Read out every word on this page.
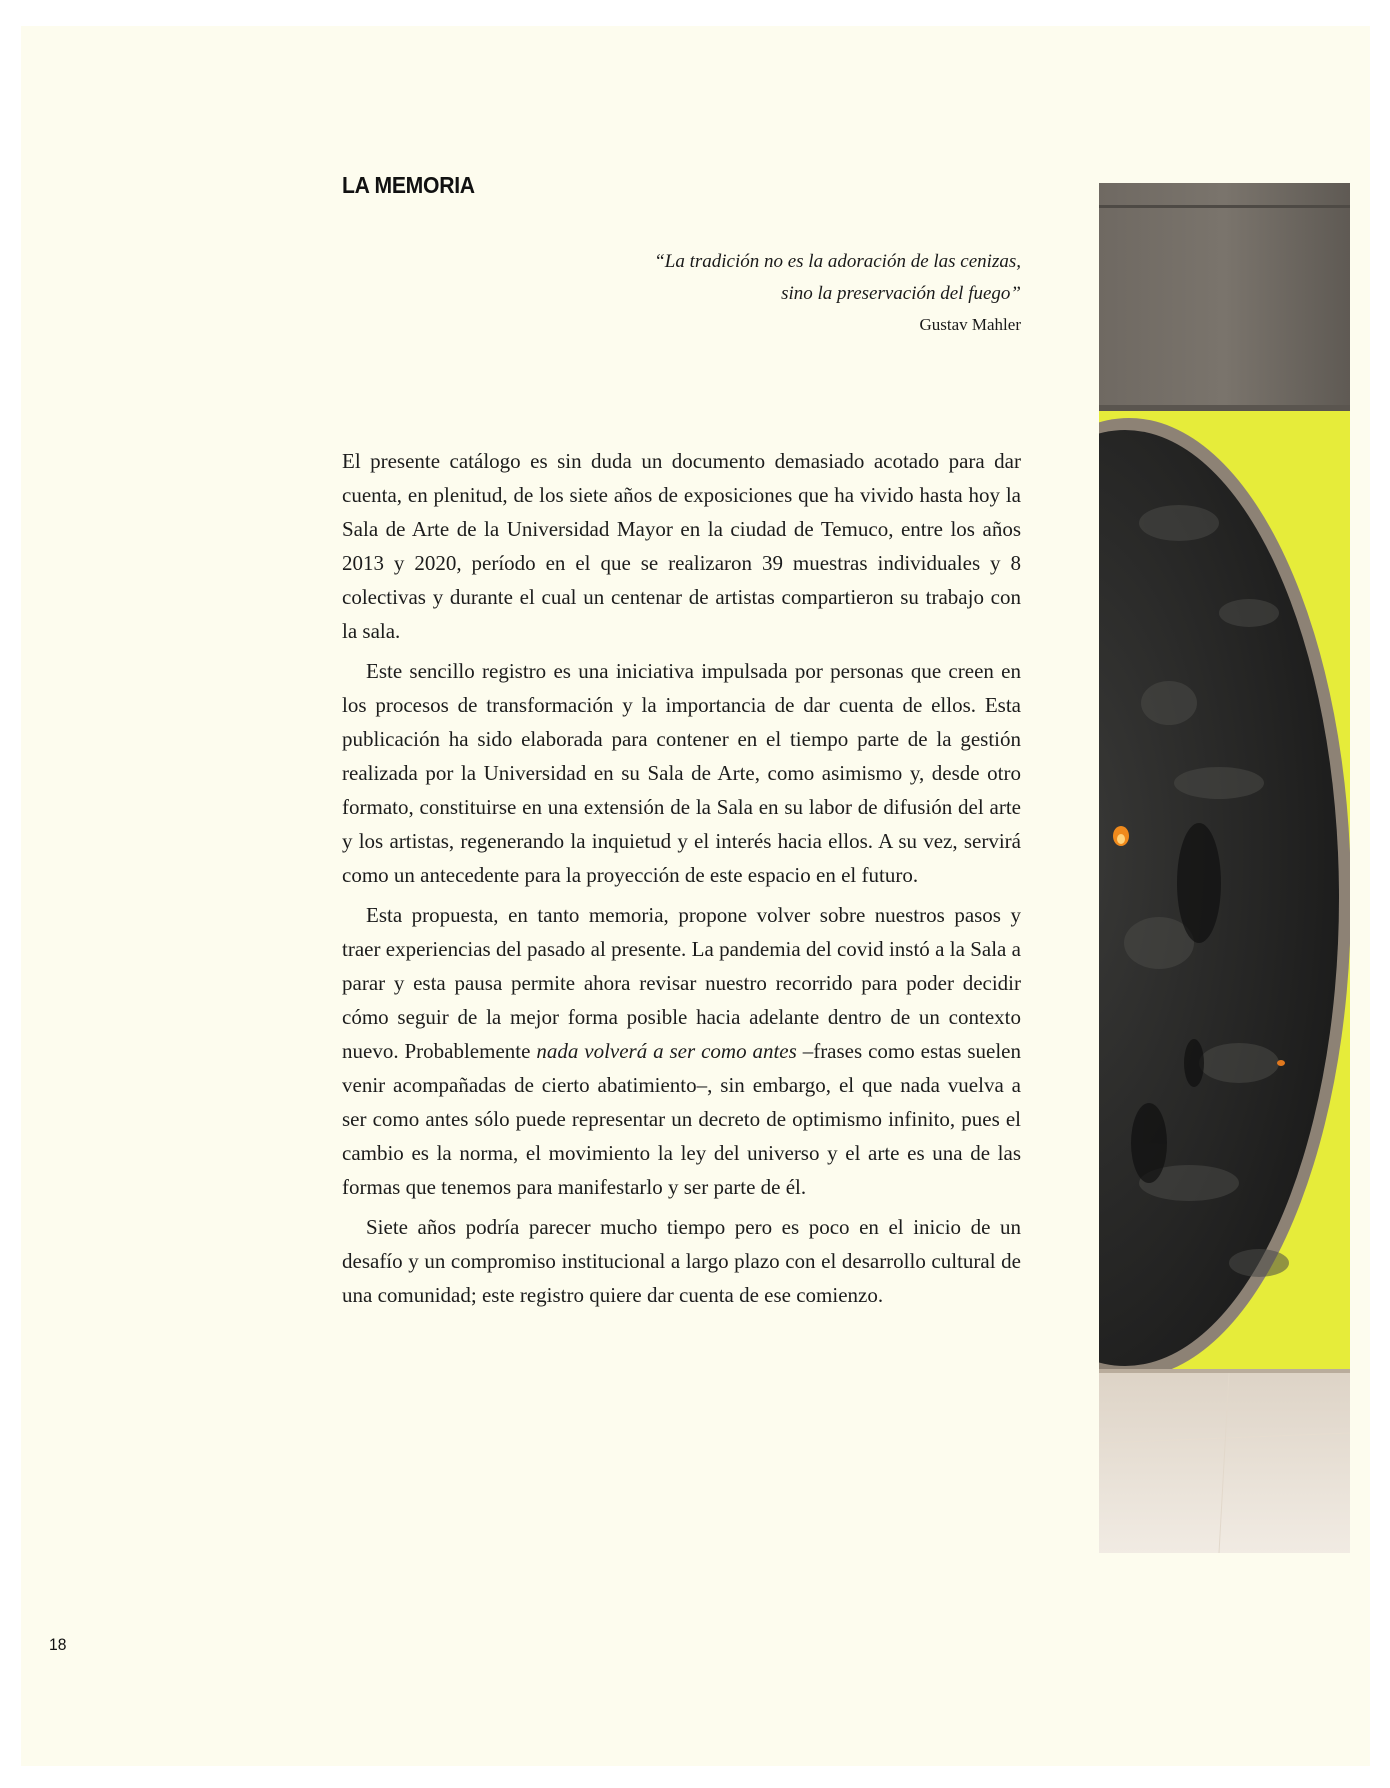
LA MEMORIA
“La tradición no es la adoración de las cenizas,
sino la preservación del fuego”
Gustav Mahler

El presente catálogo es sin duda un documento demasiado acotado para dar cuenta, en plenitud, de los siete años de exposiciones que ha vivido hasta hoy la Sala de Arte de la Universidad Mayor en la ciudad de Temuco, entre los años 2013 y 2020, período en el que se realizaron 39 muestras individuales y 8 colectivas y durante el cual un centenar de artistas compartieron su trabajo con la sala.

Este sencillo registro es una iniciativa impulsada por personas que creen en los procesos de transformación y la importancia de dar cuenta de ellos. Esta publicación ha sido elaborada para contener en el tiempo parte de la gestión realizada por la Universidad en su Sala de Arte, como asimismo y, desde otro formato, constituirse en una extensión de la Sala en su labor de difusión del arte y los artistas, regenerando la inquietud y el interés hacia ellos. A su vez, servirá como un antecedente para la proyección de este espacio en el futuro.

Esta propuesta, en tanto memoria, propone volver sobre nuestros pasos y traer experiencias del pasado al presente. La pandemia del covid instó a la Sala a parar y esta pausa permite ahora revisar nuestro recorrido para poder decidir cómo seguir de la mejor forma posible hacia adelante dentro de un contexto nuevo. Probablemente nada volverá a ser como antes –frases como estas suelen venir acompañadas de cierto abatimiento–, sin embargo, el que nada vuelva a ser como antes sólo puede representar un decreto de optimismo infinito, pues el cambio es la norma, el movimiento la ley del universo y el arte es una de las formas que tenemos para manifestarlo y ser parte de él.

Siete años podría parecer mucho tiempo pero es poco en el inicio de un desafío y un compromiso institucional a largo plazo con el desarrollo cultural de una comunidad; este registro quiere dar cuenta de ese comienzo.

18
